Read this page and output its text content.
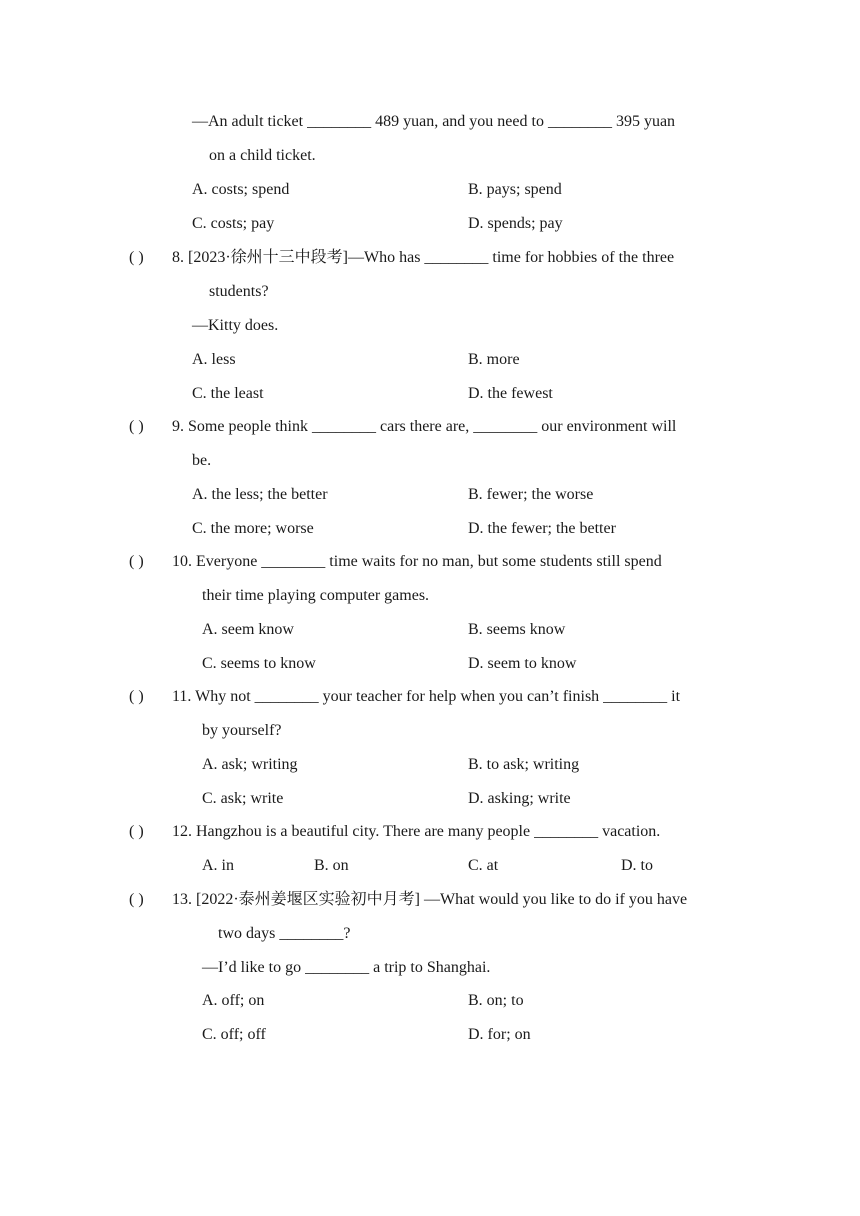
—An adult ticket ________ 489 yuan, and you need to ________ 395 yuan
on a child ticket.
A. costs; spend	B. pays; spend
C. costs; pay	D. spends; pay
( ) 8. [2023·徐州十三中段考]—Who has ________ time for hobbies of the three
students?
—Kitty does.
A. less	B. more
C. the least	D. the fewest
( ) 9. Some people think ________ cars there are, ________ our environment will
be.
A. the less; the better	B. fewer; the worse
C. the more; worse	D. the fewer; the better
( ) 10. Everyone ________ time waits for no man, but some students still spend
their time playing computer games.
A. seem know	B. seems know
C. seems to know	D. seem to know
( ) 11. Why not ________ your teacher for help when you can’t finish ________ it
by yourself?
A. ask; writing	B. to ask; writing
C. ask; write	D. asking; write
( ) 12. Hangzhou is a beautiful city. There are many people ________ vacation.
A. in	B. on	C. at	D. to
( ) 13. [2022·泰州姜堰区实验初中月考] —What would you like to do if you have
two days ________?
—I’d like to go ________ a trip to Shanghai.
A. off; on	B. on; to
C. off; off	D. for; on
